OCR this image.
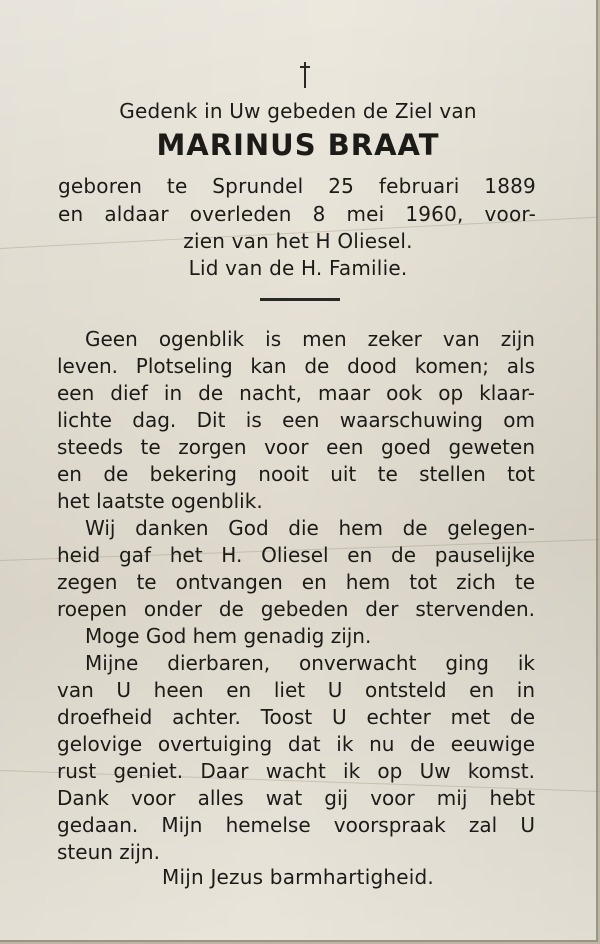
Gedenk in Uw gebeden de Ziel van
MARINUS BRAAT
geboren te Sprundel 25 februari 1889
en aldaar overleden 8 mei 1960, voor-
zien van het H Oliesel.
Lid van de H. Familie.
Geen ogenblik is men zeker van zijn
leven. Plotseling kan de dood komen; als
een dief in de nacht, maar ook op klaar-
lichte dag. Dit is een waarschuwing om
steeds te zorgen voor een goed geweten
en de bekering nooit uit te stellen tot
het laatste ogenblik.
Wij danken God die hem de gelegen-
heid gaf het H. Oliesel en de pauselijke
zegen te ontvangen en hem tot zich te
roepen onder de gebeden der stervenden.
Moge God hem genadig zijn.
Mijne dierbaren, onverwacht ging ik
van U heen en liet U ontsteld en in
droefheid achter. Toost U echter met de
gelovige overtuiging dat ik nu de eeuwige
rust geniet. Daar wacht ik op Uw komst.
Dank voor alles wat gij voor mij hebt
gedaan. Mijn hemelse voorspraak zal U
steun zijn.
Mijn Jezus barmhartigheid.
